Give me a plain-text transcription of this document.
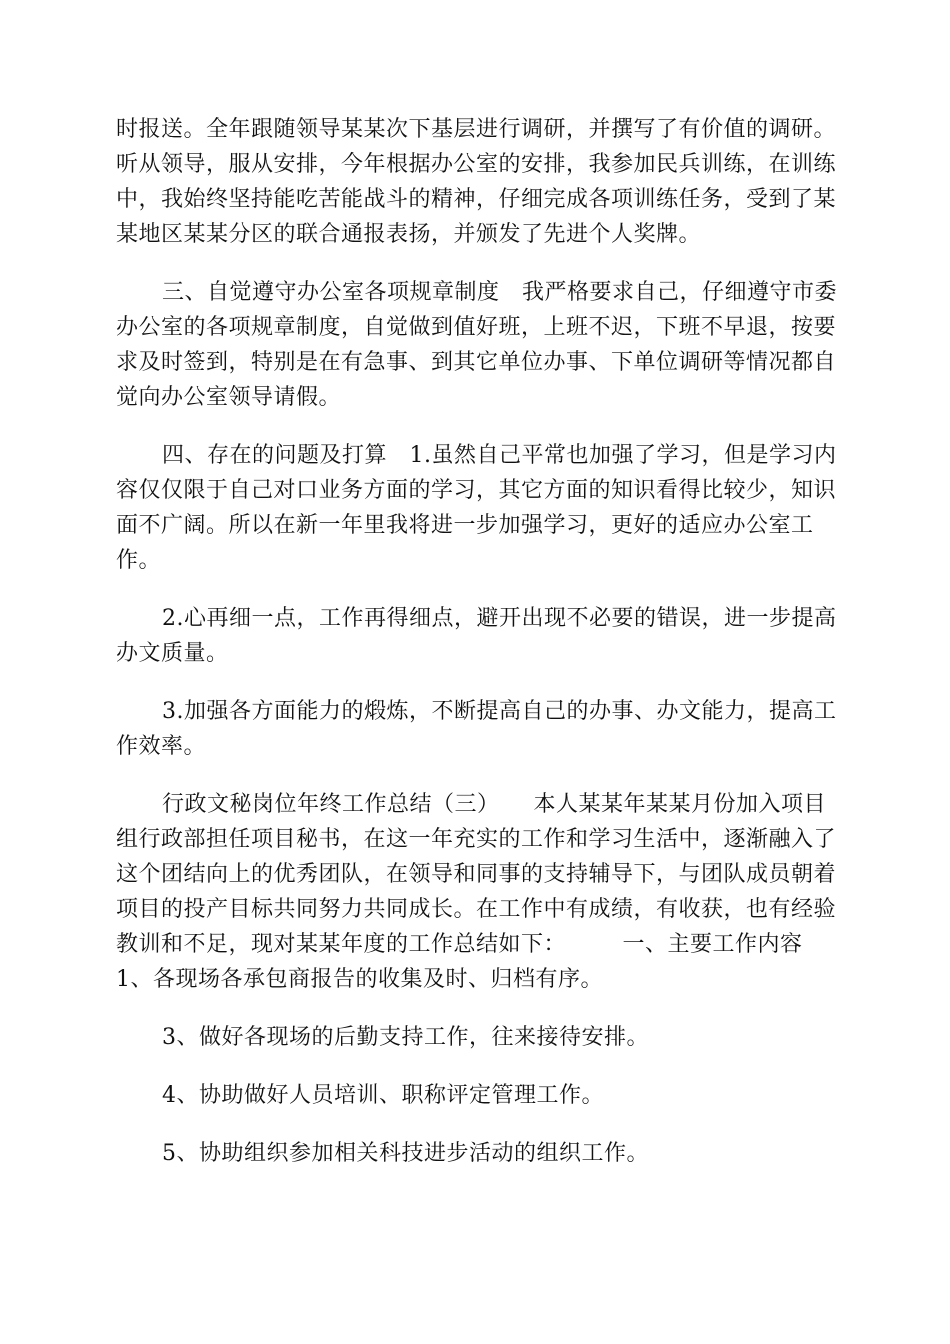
时报送。全年跟随领导某某次下基层进行调研，并撰写了有价值的调研。
听从领导，服从安排，今年根据办公室的安排，我参加民兵训练，在训练
中，我始终坚持能吃苦能战斗的精神，仔细完成各项训练任务，受到了某
某地区某某分区的联合通报表扬，并颁发了先进个人奖牌。
三、自觉遵守办公室各项规章制度　我严格要求自己，仔细遵守市委
办公室的各项规章制度，自觉做到值好班，上班不迟，下班不早退，按要
求及时签到，特别是在有急事、到其它单位办事、下单位调研等情况都自
觉向办公室领导请假。
四、存在的问题及打算　1.虽然自己平常也加强了学习，但是学习内
容仅仅限于自己对口业务方面的学习，其它方面的知识看得比较少，知识
面不广阔。所以在新一年里我将进一步加强学习，更好的适应办公室工
作。
2.心再细一点，工作再得细点，避开出现不必要的错误，进一步提高
办文质量。
3.加强各方面能力的煅炼，不断提高自己的办事、办文能力，提高工
作效率。
行政文秘岗位年终工作总结（三）　　本人某某年某某月份加入项目
组行政部担任项目秘书，在这一年充实的工作和学习生活中，逐渐融入了
这个团结向上的优秀团队，在领导和同事的支持辅导下，与团队成员朝着
项目的投产目标共同努力共同成长。在工作中有成绩，有收获，也有经验
教训和不足，现对某某年度的工作总结如下：　　　一、主要工作内容
1、各现场各承包商报告的收集及时、归档有序。
3、做好各现场的后勤支持工作，往来接待安排。
4、协助做好人员培训、职称评定管理工作。
5、协助组织参加相关科技进步活动的组织工作。
